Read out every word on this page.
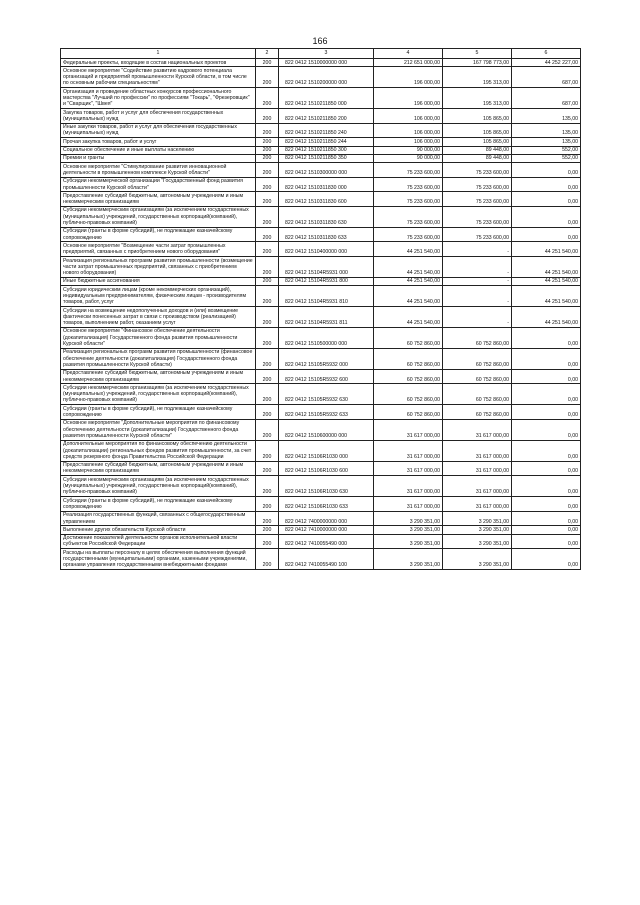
166
1	2	3	4	5	6
Федеральные проекты, входящие в состав национальных проектов	200	822 0412 1510000000 000	212 651 000,00	167 798 773,00	44 252 227,00
Основное мероприятие "Содействие развитию кадрового потенциала организаций и предприятий промышленности Курской области, в том числе по основным рабочим специальностям"	200	822 0412 1510200000 000	196 000,00	195 313,00	687,00
Организация и проведение областных конкурсов профессионального мастерства "Лучший по профессии" по профессиям "Токарь", "Фрезеровщик" и "Сварщик", "Швея"	200	822 0412 1510211850 000	196 000,00	195 313,00	687,00
Закупка товаров, работ и услуг для обеспечения государственных (муниципальных) нужд	200	822 0412 1510211850 200	106 000,00	105 865,00	135,00
Иные закупки товаров, работ и услуг для обеспечения государственных (муниципальных) нужд	200	822 0412 1510211850 240	106 000,00	105 865,00	135,00
Прочая закупка товаров, работ и услуг	200	822 0412 1510211850 244	106 000,00	105 865,00	135,00
Социальное обеспечение и иные выплаты населению	200	822 0412 1510211850 300	90 000,00	89 448,00	552,00
Премии и гранты	200	822 0412 1510211850 350	90 000,00	89 448,00	552,00
Основное мероприятие "Стимулирование развития инновационной деятельности в промышленном комплексе Курской области"	200	822 0412 1510300000 000	75 233 600,00	75 233 600,00	0,00
Субсидии некоммерческой организации "Государственный фонд развития промышленности Курской области"	200	822 0412 1510311830 000	75 233 600,00	75 233 600,00	0,00
Предоставление субсидий бюджетным, автономным учреждениям и иным некоммерческим организациям	200	822 0412 1510311830 600	75 233 600,00	75 233 600,00	0,00
Субсидии некоммерческим организациям (за исключением государственных (муниципальных) учреждений, государственных корпораций(компаний), публично-правовых компаний)	200	822 0412 1510311830 630	75 233 600,00	75 233 600,00	0,00
Субсидии (гранты в форме субсидий), не подлежащие казначейскому сопровождению	200	822 0412 1510311830 633	75 233 600,00	75 233 600,00	0,00
Основное мероприятие "Возмещение части затрат промышленных предприятий, связанных с приобретением нового оборудования"	200	822 0412 1510400000 000	44 251 540,00	-	44 251 540,00
Реализация региональных программ развития промышленности (возмещение части затрат промышленных предприятий, связанных с приобретением нового оборудования)	200	822 0412 15104R5931 000	44 251 540,00	-	44 251 540,00
Иные бюджетные ассигнования	200	822 0412 15104R5931 800	44 251 540,00	-	44 251 540,00
Субсидии юридическим лицам (кроме некоммерческих организаций), индивидуальным предпринимателям, физическим лицам - производителям товаров, работ, услуг	200	822 0412 15104R5931 810	44 251 540,00	-	44 251 540,00
Субсидии на возмещение недополученных доходов и (или) возмещение фактически понесенных затрат в связи с производством (реализацией) товаров, выполнением работ, оказанием услуг	200	822 0412 15104R5931 811	44 251 540,00	-	44 251 540,00
Основное мероприятие "Финансовое обеспечение деятельности (докапитализация) Государственного фонда развития промышленности Курской области"	200	822 0412 1510500000 000	60 752 860,00	60 752 860,00	0,00
Реализация региональных программ развития промышленности (финансовое обеспечение деятельности (докапитализация) Государственного фонда развития промышленности Курской области)	200	822 0412 15105R5932 000	60 752 860,00	60 752 860,00	0,00
Предоставление субсидий бюджетным, автономным учреждениям и иным некоммерческим организациям	200	822 0412 15105R5932 600	60 752 860,00	60 752 860,00	0,00
Субсидии некоммерческим организациям (за исключением государственных (муниципальных) учреждений, государственных корпораций(компаний), публично-правовых компаний)	200	822 0412 15105R5932 630	60 752 860,00	60 752 860,00	0,00
Субсидии (гранты в форме субсидий), не подлежащие казначейскому сопровождению	200	822 0412 15105R5932 633	60 752 860,00	60 752 860,00	0,00
Основное мероприятие "Дополнительные мероприятия по финансовому обеспечению деятельности (докапитализации) Государственного фонда развития промышленности Курской области"	200	822 0412 1510600000 000	31 617 000,00	31 617 000,00	0,00
Дополнительные мероприятия по финансовому обеспечению деятельности (докапитализации) региональных фондов развития промышленности, за счет средств резервного фонда Правительства Российской Федерации	200	822 0412 15106R1030 000	31 617 000,00	31 617 000,00	0,00
Предоставление субсидий бюджетным, автономным учреждениям и иным некоммерческим организациям	200	822 0412 15106R1030 600	31 617 000,00	31 617 000,00	0,00
Субсидии некоммерческим организациям (за исключением государственных (муниципальных) учреждений, государственных корпораций(компаний), публично-правовых компаний)	200	822 0412 15106R1030 630	31 617 000,00	31 617 000,00	0,00
Субсидии (гранты в форме субсидий), не подлежащие казначейскому сопровождению	200	822 0412 15106R1030 633	31 617 000,00	31 617 000,00	0,00
Реализация государственных функций, связанных с общегосударственным управлением	200	822 0412 7400000000 000	3 290 351,00	3 290 351,00	0,00
Выполнение других обязательств Курской области	200	822 0412 7410000000 000	3 290 351,00	3 290 351,00	0,00
Достижение показателей деятельности органов исполнительной власти субъектов Российской Федерации	200	822 0412 7410055490 000	3 290 351,00	3 290 351,00	0,00
Расходы на выплаты персоналу в целях обеспечения выполнения функций государственными (муниципальными) органами, казенными учреждениями, органами управления государственными внебюджетными фондами	200	822 0412 7410055490 100	3 290 351,00	3 290 351,00	0,00
